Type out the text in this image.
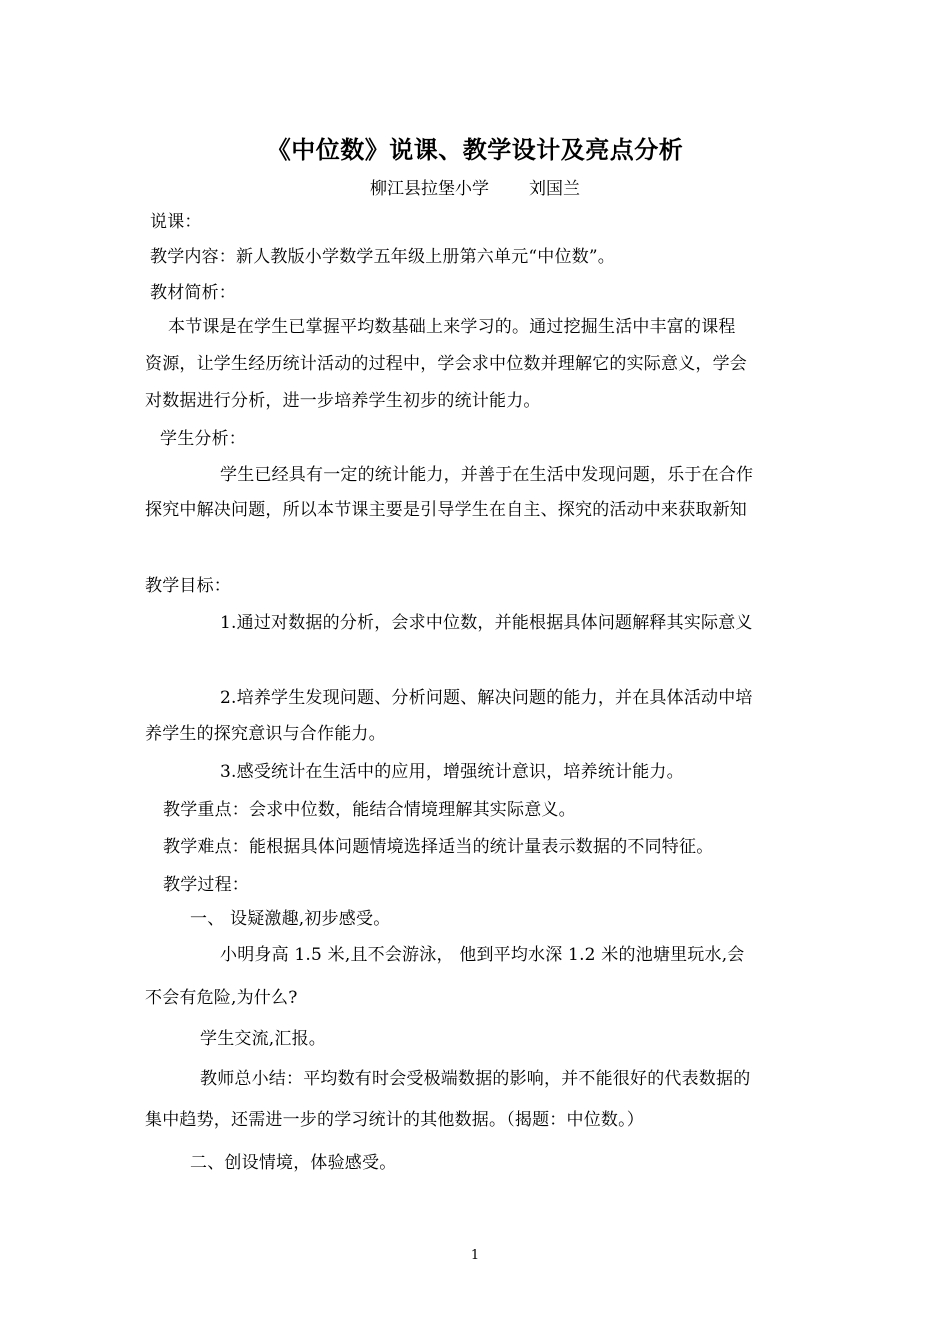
《中位数》说课、教学设计及亮点分析
柳江县拉堡小学 刘国兰
说课：
教学内容：新人教版小学数学五年级上册第六单元“中位数”。
教材简析：
本节课是在学生已掌握平均数基础上来学习的。通过挖掘生活中丰富的课程
资源，让学生经历统计活动的过程中，学会求中位数并理解它的实际意义，学会
对数据进行分析，进一步培养学生初步的统计能力。
学生分析：
学生已经具有一定的统计能力，并善于在生活中发现问题，乐于在合作
探究中解决问题，所以本节课主要是引导学生在自主、探究的活动中来获取新知
教学目标：
1.通过对数据的分析，会求中位数，并能根据具体问题解释其实际意义
2.培养学生发现问题、分析问题、解决问题的能力，并在具体活动中培
养学生的探究意识与合作能力。
3.感受统计在生活中的应用，增强统计意识，培养统计能力。
教学重点：会求中位数，能结合情境理解其实际意义。
教学难点：能根据具体问题情境选择适当的统计量表示数据的不同特征。
教学过程：
一、 设疑激趣,初步感受。
小明身高 1.5 米,且不会游泳， 他到平均水深 1.2 米的池塘里玩水,会
不会有危险,为什么?
学生交流,汇报。
教师总小结：平均数有时会受极端数据的影响，并不能很好的代表数据的
集中趋势，还需进一步的学习统计的其他数据。（揭题：中位数。）
二、创设情境，体验感受。
1
